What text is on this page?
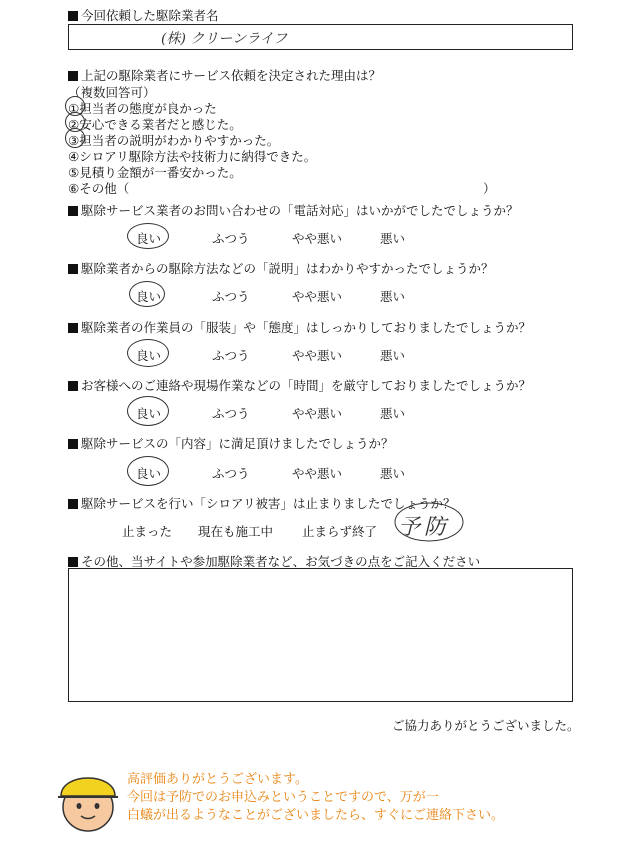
今回依頼した駆除業者名
(株) クリーンライフ
上記の駆除業者にサービス依頼を決定された理由は？
（複数回答可）
①担当者の態度が良かった
②安心できる業者だと感じた。
③担当者の説明がわかりやすかった。
④シロアリ駆除方法や技術力に納得できた。
⑤見積り金額が一番安かった。
⑥その他（	）
駆除サービス業者のお問い合わせの「電話対応」はいかがでしたでしょうか？
良い	ふつう	やや悪い	悪い
駆除業者からの駆除方法などの「説明」はわかりやすかったでしょうか？
良い	ふつう	やや悪い	悪い
駆除業者の作業員の「服装」や「態度」はしっかりしておりましたでしょうか？
良い	ふつう	やや悪い	悪い
お客様へのご連絡や現場作業などの「時間」を厳守しておりましたでしょうか？
良い	ふつう	やや悪い	悪い
駆除サービスの「内容」に満足頂けましたでしょうか？
良い	ふつう	やや悪い	悪い
駆除サービスを行い「シロアリ被害」は止まりましたでしょうか？
止まった 現在も施工中 止まらず終了 予防
その他、当サイトや参加駆除業者など、お気づきの点をご記入ください
ご協力ありがとうございました。
高評価ありがとうございます。
今回は予防でのお申込みということですので、万が一
白蟻が出るようなことがございましたら、すぐにご連絡下さい。
